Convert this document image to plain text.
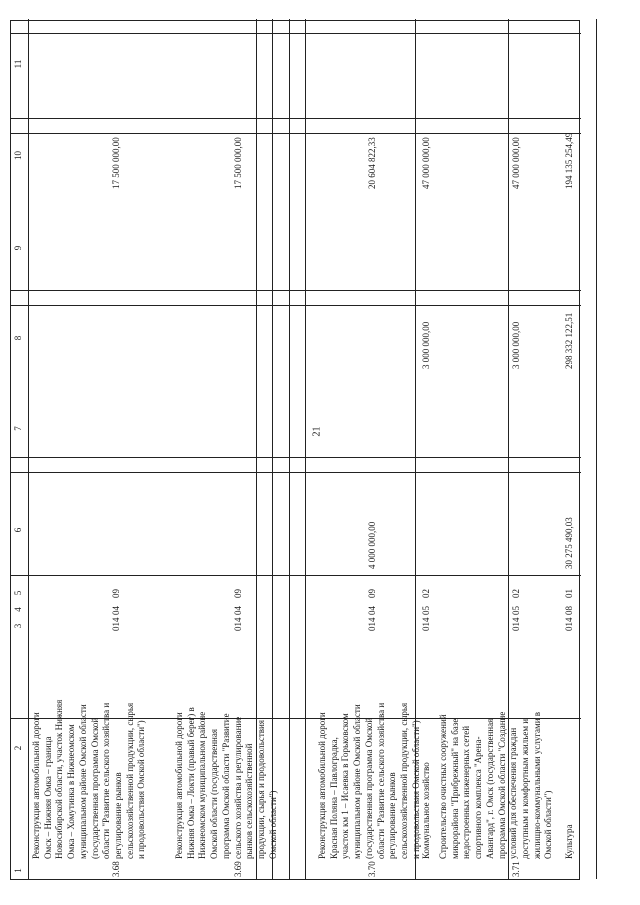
21
1
2
3
4
5
6
7
8
9
10
11
3.68
Реконструкция автомобильной дороги Омск – Нижняя Омка – граница Новосибирской области, участок Нижняя Омка – Хомутинка в Нижнеомском муниципальном районе Омской области (государственная программа Омской области "Развитие сельского хозяйства и регулирование рынков сельскохозяйственной продукции, сырья и продовольствия Омской области")
014
04
09
17 500 000,00
3.69
Реконструкция автомобильной дороги Нижняя Омка – Локти (правый берег) в Нижнеомском муниципальном районе Омской области (государственная программа Омской области "Развитие сельского хозяйства и регулирование рынков сельскохозяйственной продукции, сырья и продовольствия Омской области")
014
04
09
17 500 000,00
3.70
Реконструкция автомобильной дороги Красная Поляна – Павлоградка, участок км 1 – Исаевка в Горьковском муниципальном районе Омской области (государственная программа Омской области "Развитие сельского хозяйства и регулирование рынков сельскохозяйственной продукции, сырья и продовольствия Омской области")
014
04
09
4 000 000,00
20 604 822,33
Коммунальное хозяйство
014
05
02
3 000 000,00
47 000 000,00
3.71
Строительство очистных сооружений микрорайона "Прибрежный" на базе недостроенных инженерных сетей спортивного комплекса "Арена- Авангард", г. Омск (государственная программа Омской области "Создание условий для обеспечения граждан доступным и комфортным жильем и жилищно-коммунальными услугами в Омской области")
014
05
02
3 000 000,00
47 000 000,00
Культура
014
08
01
30 275 490,03
298 332 122,51
194 135 254,49
